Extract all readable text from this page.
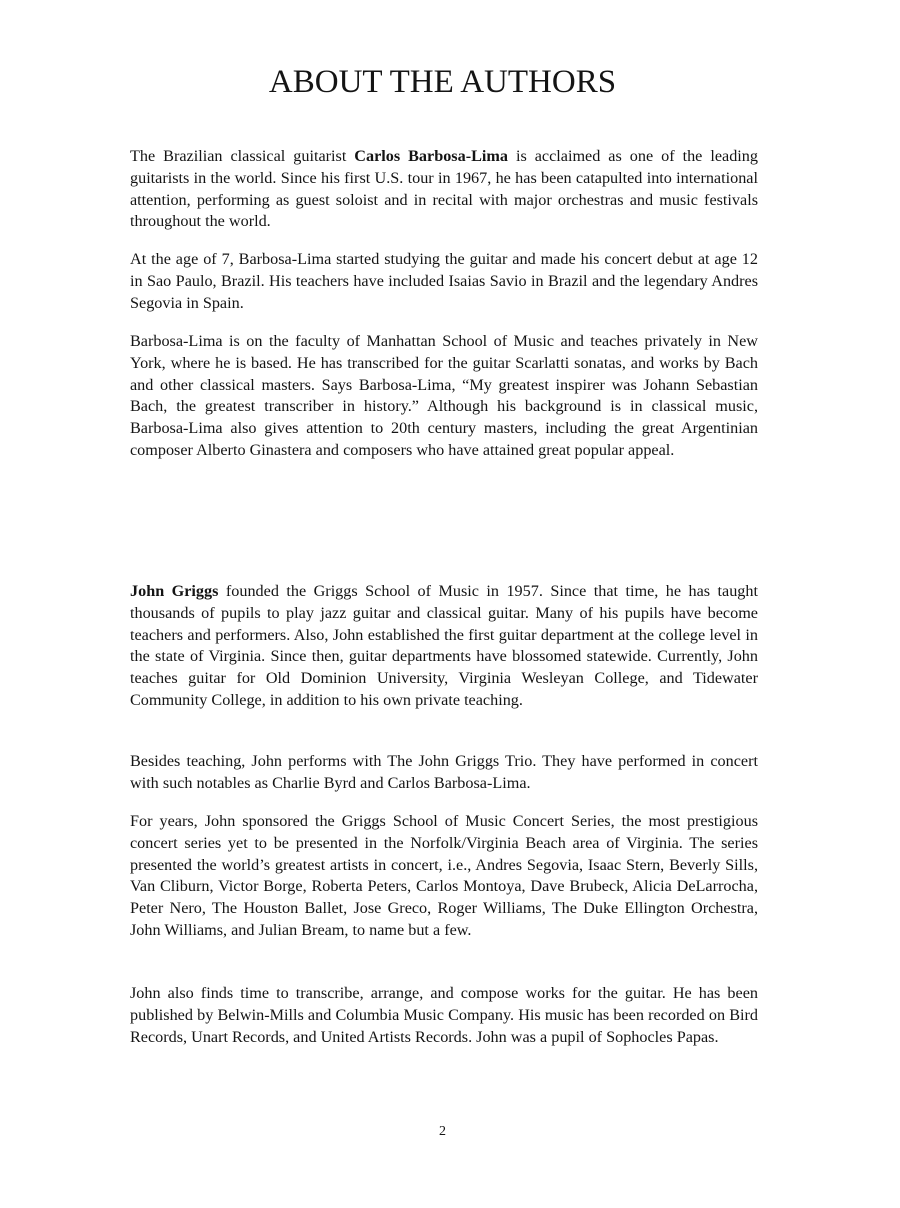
ABOUT THE AUTHORS

The Brazilian classical guitarist Carlos Barbosa-Lima is acclaimed as one of the leading guitarists in the world. Since his first U.S. tour in 1967, he has been catapulted into international attention, performing as guest soloist and in recital with major orchestras and music festivals throughout the world.

At the age of 7, Barbosa-Lima started studying the guitar and made his concert debut at age 12 in Sao Paulo, Brazil. His teachers have included Isaias Savio in Brazil and the legendary Andres Segovia in Spain.

Barbosa-Lima is on the faculty of Manhattan School of Music and teaches privately in New York, where he is based. He has transcribed for the guitar Scarlatti sonatas, and works by Bach and other classical masters. Says Barbosa-Lima, “My greatest inspirer was Johann Sebastian Bach, the greatest transcriber in history.” Although his background is in classical music, Barbosa-Lima also gives attention to 20th century masters, including the great Argentinian composer Alberto Ginastera and composers who have attained great popular appeal.

John Griggs founded the Griggs School of Music in 1957. Since that time, he has taught thousands of pupils to play jazz guitar and classical guitar. Many of his pupils have become teachers and performers. Also, John established the first guitar department at the college level in the state of Virginia. Since then, guitar departments have blossomed statewide. Currently, John teaches guitar for Old Dominion University, Virginia Wesleyan College, and Tidewater Community College, in addition to his own private teaching.

Besides teaching, John performs with The John Griggs Trio. They have performed in concert with such notables as Charlie Byrd and Carlos Barbosa-Lima.

For years, John sponsored the Griggs School of Music Concert Series, the most prestigious concert series yet to be presented in the Norfolk/Virginia Beach area of Virginia. The series presented the world’s greatest artists in concert, i.e., Andres Segovia, Isaac Stern, Beverly Sills, Van Cliburn, Victor Borge, Roberta Peters, Carlos Montoya, Dave Brubeck, Alicia DeLarrocha, Peter Nero, The Houston Ballet, Jose Greco, Roger Williams, The Duke Ellington Orchestra, John Williams, and Julian Bream, to name but a few.

John also finds time to transcribe, arrange, and compose works for the guitar. He has been published by Belwin-Mills and Columbia Music Company. His music has been recorded on Bird Records, Unart Records, and United Artists Records. John was a pupil of Sophocles Papas.

2
